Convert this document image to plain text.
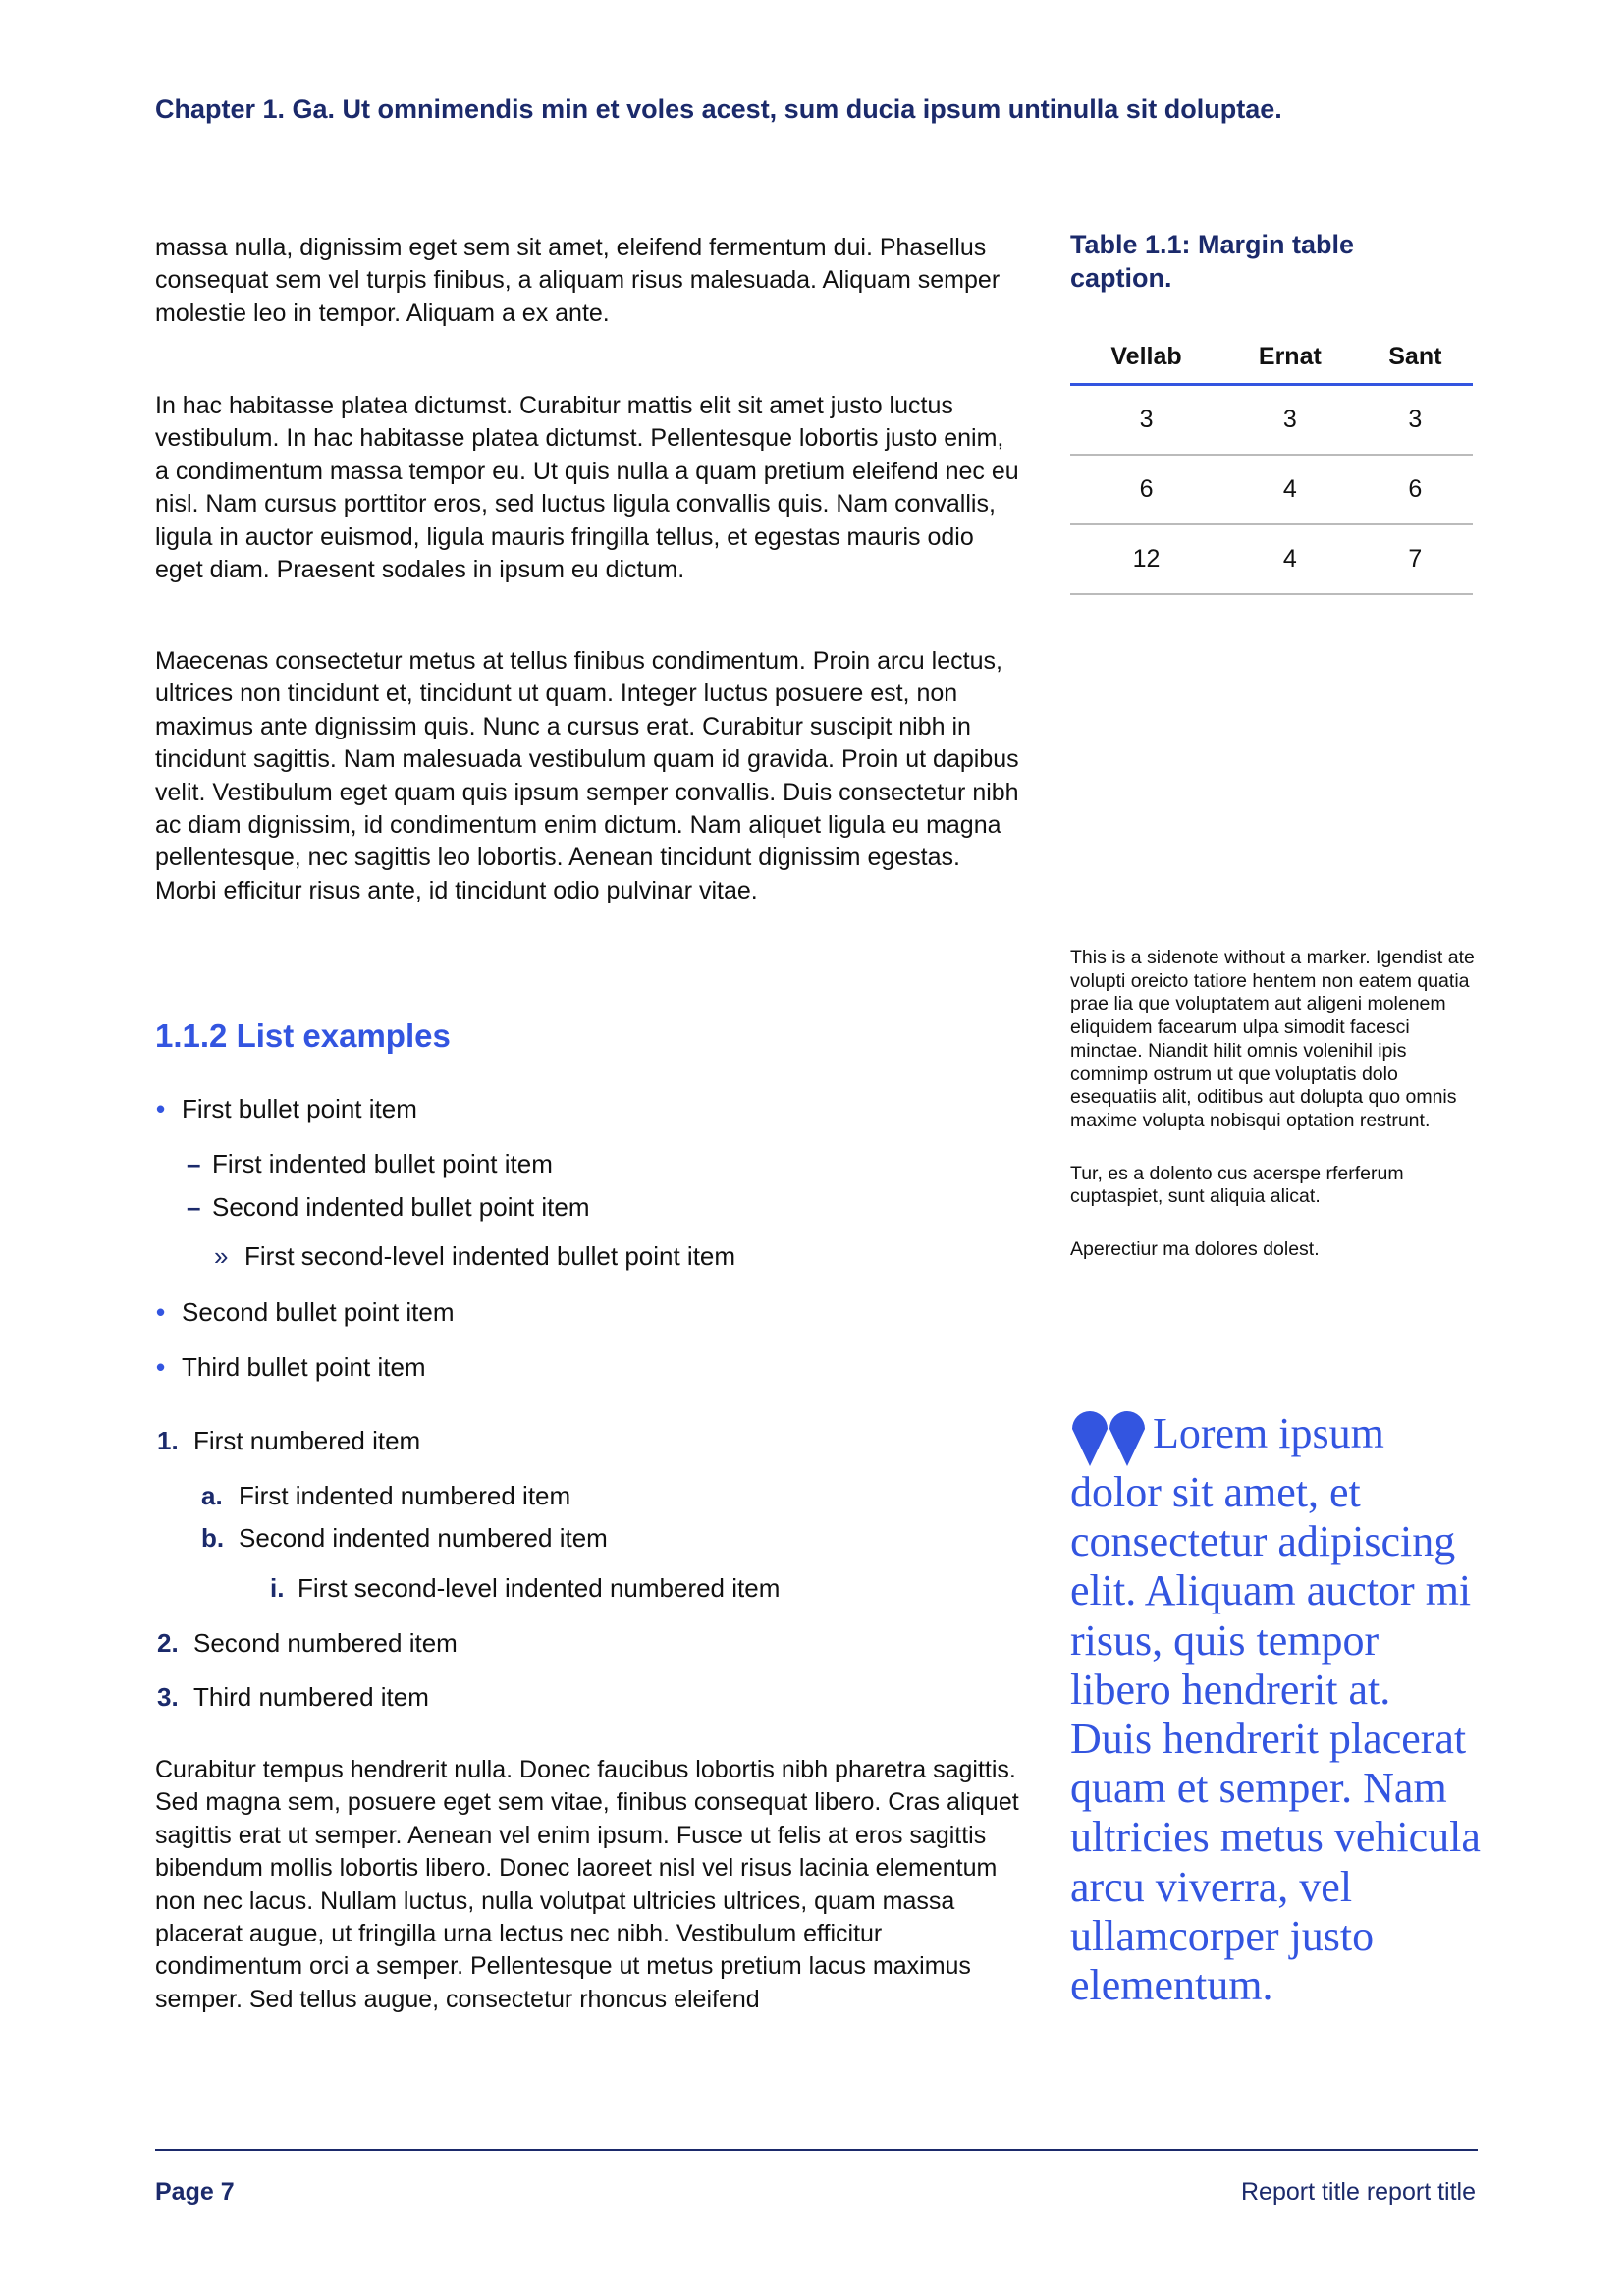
Chapter 1. Ga. Ut omnimendis min et voles acest, sum ducia ipsum untinulla sit doluptae.

massa nulla, dignissim eget sem sit amet, eleifend fermentum dui. Phasellus consequat sem vel turpis finibus, a aliquam risus malesuada. Aliquam semper molestie leo in tempor. Aliquam a ex ante.

In hac habitasse platea dictumst. Curabitur mattis elit sit amet justo luctus vestibulum. In hac habitasse platea dictumst. Pellentesque lobortis justo enim, a condimentum massa tempor eu. Ut quis nulla a quam pretium eleifend nec eu nisl. Nam cursus porttitor eros, sed luctus ligula convallis quis. Nam convallis, ligula in auctor euismod, ligula mauris fringilla tellus, et egestas mauris odio eget diam. Praesent sodales in ipsum eu dictum.

Maecenas consectetur metus at tellus finibus condimentum. Proin arcu lectus, ultrices non tincidunt et, tincidunt ut quam. Integer luctus posuere est, non maximus ante dignissim quis. Nunc a cursus erat. Curabitur suscipit nibh in tincidunt sagittis. Nam malesuada vestibulum quam id gravida. Proin ut dapibus velit. Vestibulum eget quam quis ipsum semper convallis. Duis consectetur nibh ac diam dignissim, id condimentum enim dictum. Nam aliquet ligula eu magna pellentesque, nec sagittis leo lobortis. Aenean tincidunt dignissim egestas. Morbi efficitur risus ante, id tincidunt odio pulvinar vitae.

1.1.2 List examples
• First bullet point item
– First indented bullet point item
– Second indented bullet point item
» First second-level indented bullet point item
• Second bullet point item
• Third bullet point item
1. First numbered item
a. First indented numbered item
b. Second indented numbered item
i. First second-level indented numbered item
2. Second numbered item
3. Third numbered item

Curabitur tempus hendrerit nulla. Donec faucibus lobortis nibh pharetra sagittis. Sed magna sem, posuere eget sem vitae, finibus consequat libero. Cras aliquet sagittis erat ut semper. Aenean vel enim ipsum. Fusce ut felis at eros sagittis bibendum mollis lobortis libero. Donec laoreet nisl vel risus lacinia elementum non nec lacus. Nullam luctus, nulla volutpat ultricies ultrices, quam massa placerat augue, ut fringilla urna lectus nec nibh. Vestibulum efficitur condimentum orci a semper. Pellentesque ut metus pretium lacus maximus semper. Sed tellus augue, consectetur rhoncus eleifend

Table 1.1: Margin table caption.
Vellab	Ernat	Sant
3	3	3
6	4	6
12	4	7

This is a sidenote without a marker. Igendist ate volupti oreicto tatiore hentem non eatem quatia prae lia que voluptatem aut aligeni molenem eliquidem facearum ulpa simodit facesci minctae. Niandit hilit omnis volenihil ipis comnimp ostrum ut que voluptatis dolo esequatiis alit, oditibus aut dolupta quo omnis maxime volupta nobisqui optation restrunt.

Tur, es a dolento cus acerspe rferferum cuptaspiet, sunt aliquia alicat.

Aperectiur ma dolores dolest.

Lorem ipsum dolor sit amet, et consectetur adipiscing elit. Aliquam auctor mi risus, quis tempor libero hendrerit at. Duis hendrerit placerat quam et semper. Nam ultricies metus vehicula arcu viverra, vel ullamcorper justo elementum.
Page 7	Report title report title
